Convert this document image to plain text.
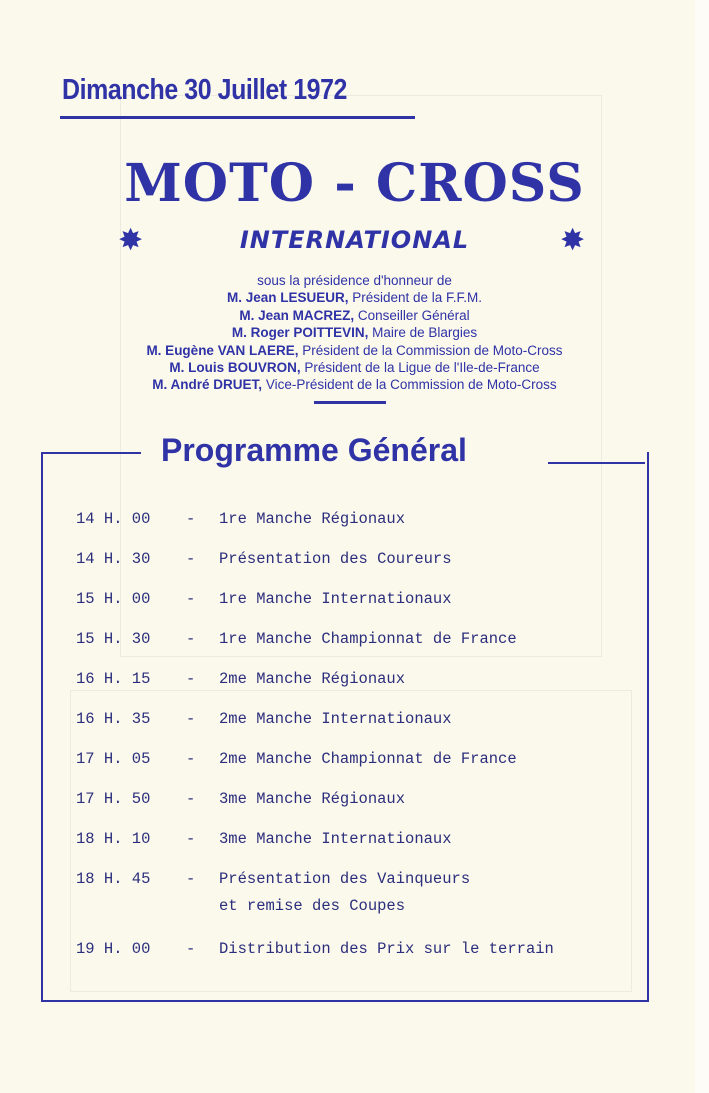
Dimanche 30 Juillet 1972
MOTO - CROSS
✸	INTERNATIONAL	✸
sous la présidence d'honneur de
M. Jean LESUEUR, Président de la F.F.M.
M. Jean MACREZ, Conseiller Général
M. Roger POITTEVIN, Maire de Blargies
M. Eugène VAN LAERE, Président de la Commission de Moto-Cross
M. Louis BOUVRON, Président de la Ligue de l'Ile-de-France
M. André DRUET, Vice-Président de la Commission de Moto-Cross
Programme Général
14 H. 00 - 1re Manche Régionaux
14 H. 30 - Présentation des Coureurs
15 H. 00 - 1re Manche Internationaux
15 H. 30 - 1re Manche Championnat de France
16 H. 15 - 2me Manche Régionaux
16 H. 35 - 2me Manche Internationaux
17 H. 05 - 2me Manche Championnat de France
17 H. 50 - 3me Manche Régionaux
18 H. 10 - 3me Manche Internationaux
18 H. 45 - Présentation des Vainqueurs
et remise des Coupes
19 H. 00 - Distribution des Prix sur le terrain
